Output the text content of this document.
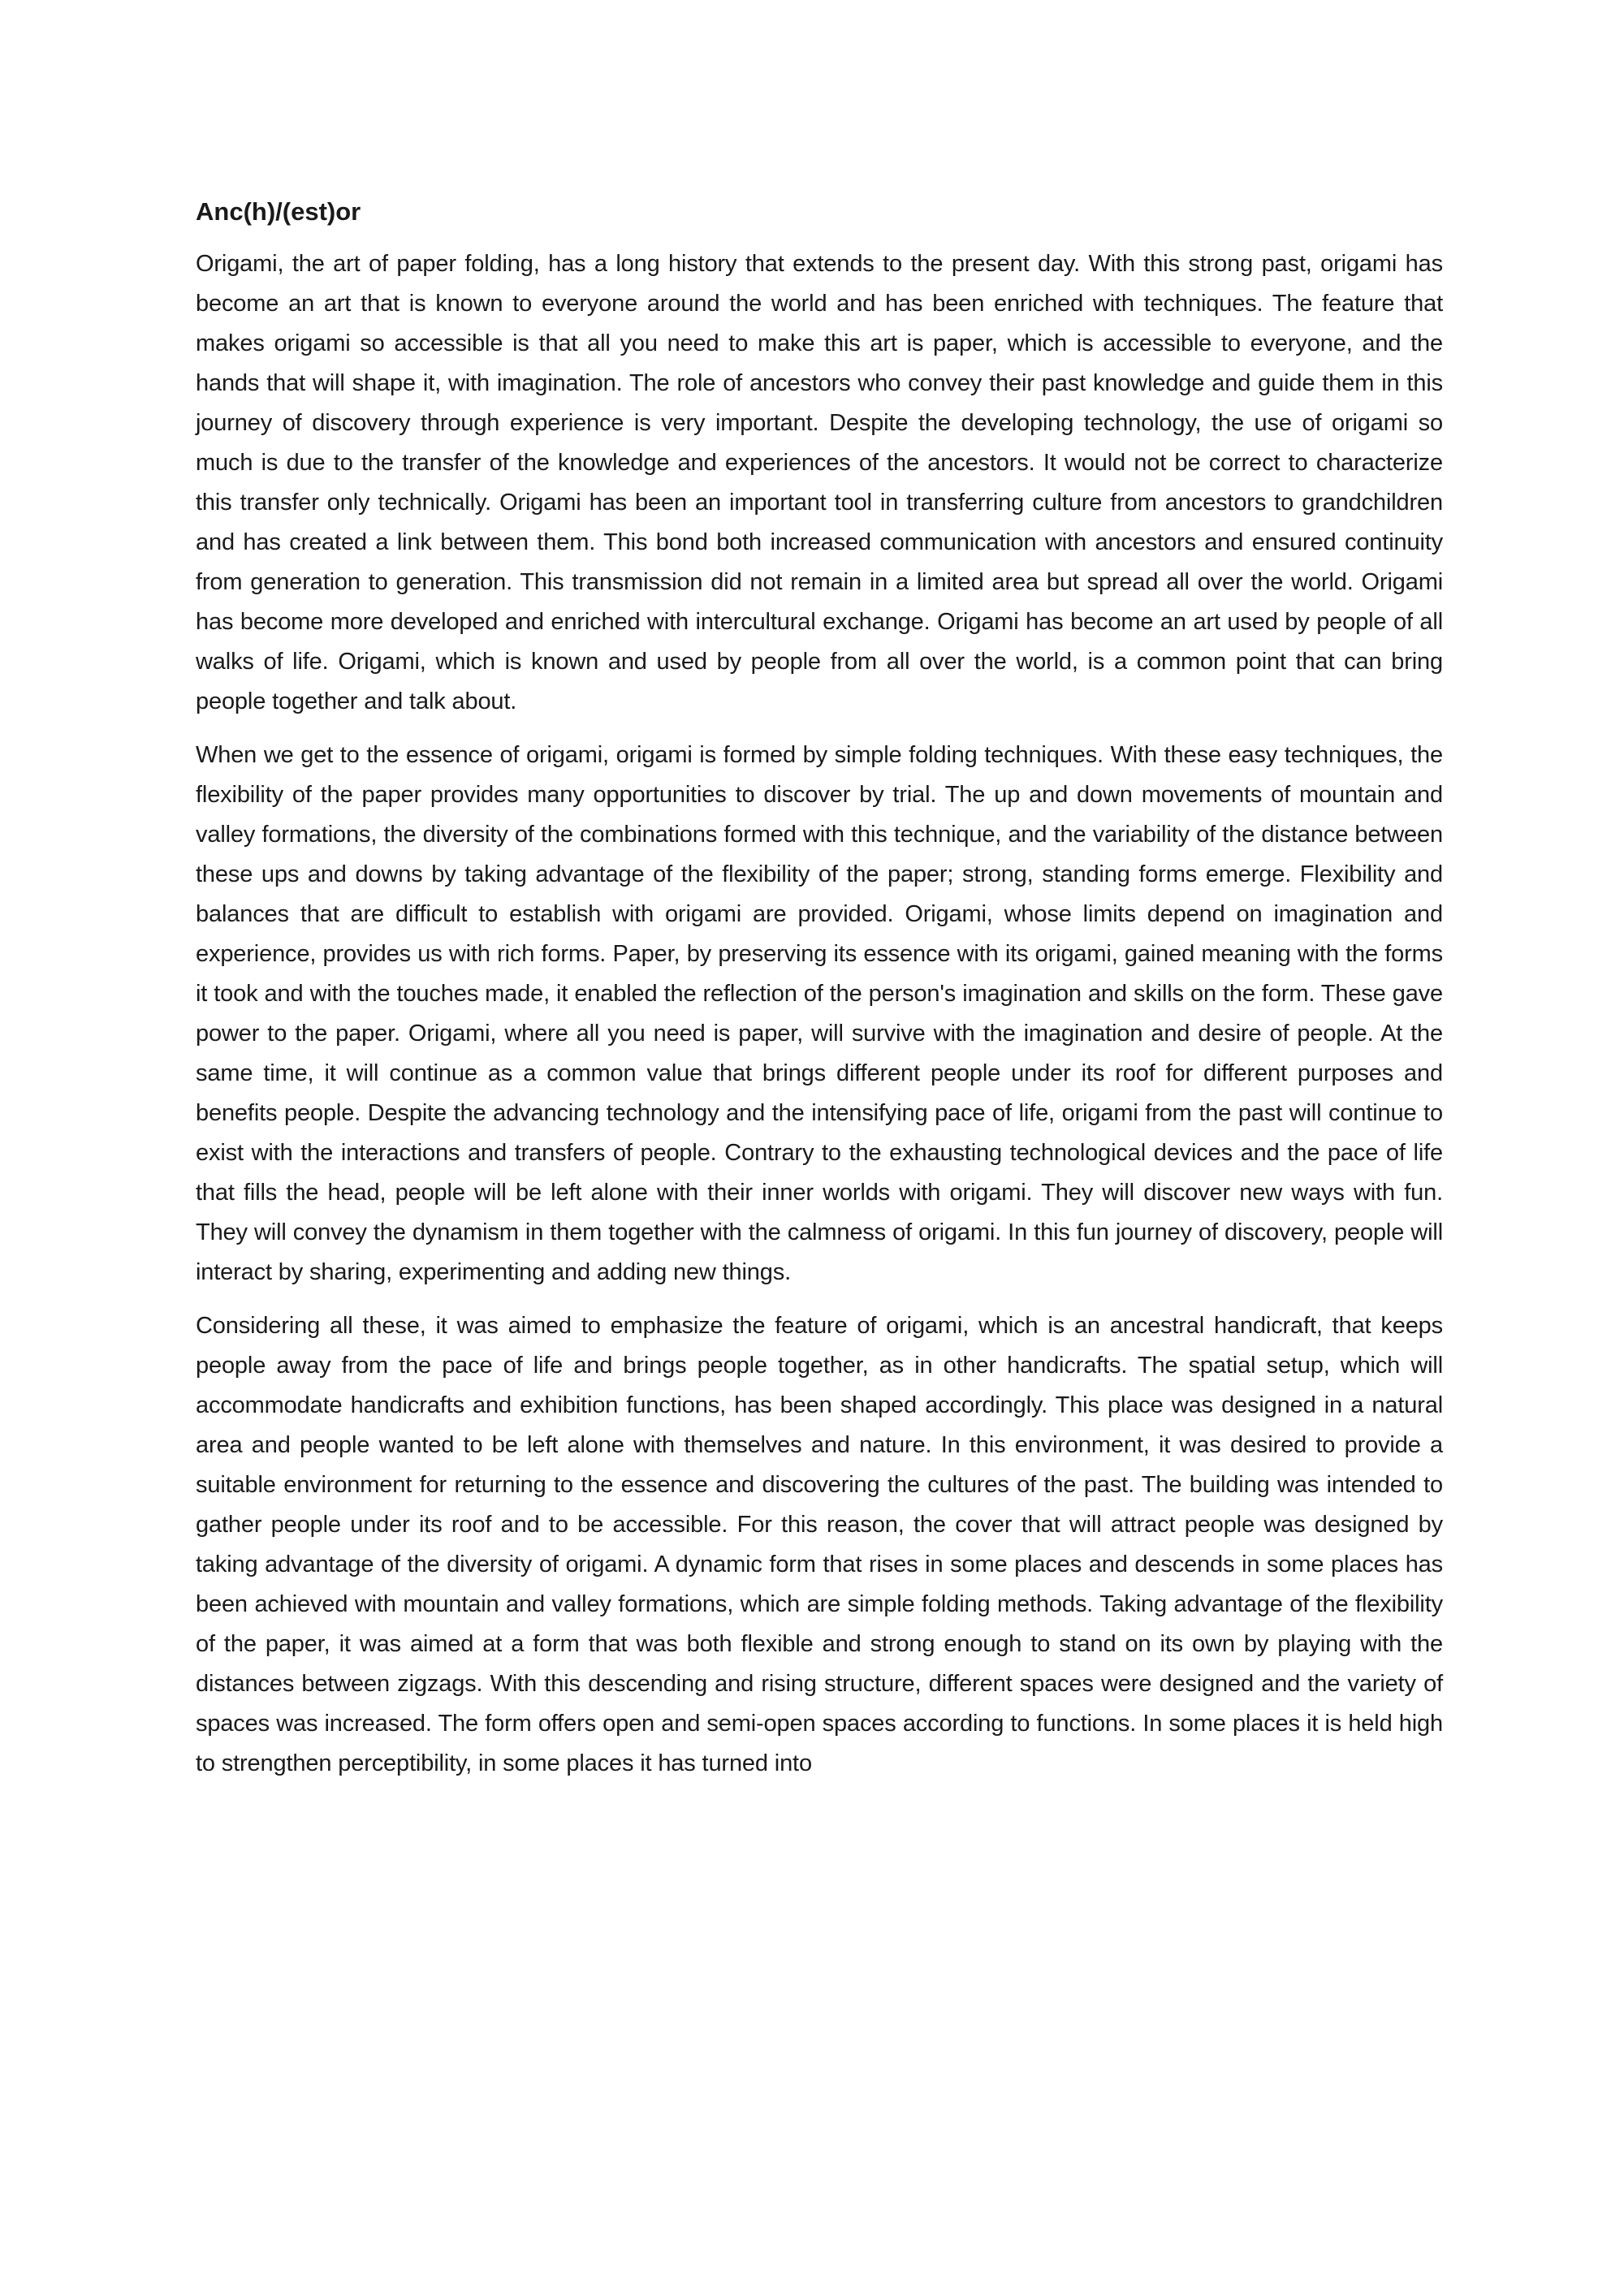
Anc(h)/(est)or

Origami, the art of paper folding, has a long history that extends to the present day. With this strong past, origami has become an art that is known to everyone around the world and has been enriched with techniques. The feature that makes origami so accessible is that all you need to make this art is paper, which is accessible to everyone, and the hands that will shape it, with imagination. The role of ancestors who convey their past knowledge and guide them in this journey of discovery through experience is very important. Despite the developing technology, the use of origami so much is due to the transfer of the knowledge and experiences of the ancestors. It would not be correct to characterize this transfer only technically. Origami has been an important tool in transferring culture from ancestors to grandchildren and has created a link between them. This bond both increased communication with ancestors and ensured continuity from generation to generation. This transmission did not remain in a limited area but spread all over the world. Origami has become more developed and enriched with intercultural exchange. Origami has become an art used by people of all walks of life. Origami, which is known and used by people from all over the world, is a common point that can bring people together and talk about.

When we get to the essence of origami, origami is formed by simple folding techniques. With these easy techniques, the flexibility of the paper provides many opportunities to discover by trial. The up and down movements of mountain and valley formations, the diversity of the combinations formed with this technique, and the variability of the distance between these ups and downs by taking advantage of the flexibility of the paper; strong, standing forms emerge. Flexibility and balances that are difficult to establish with origami are provided. Origami, whose limits depend on imagination and experience, provides us with rich forms. Paper, by preserving its essence with its origami, gained meaning with the forms it took and with the touches made, it enabled the reflection of the person's imagination and skills on the form. These gave power to the paper. Origami, where all you need is paper, will survive with the imagination and desire of people. At the same time, it will continue as a common value that brings different people under its roof for different purposes and benefits people. Despite the advancing technology and the intensifying pace of life, origami from the past will continue to exist with the interactions and transfers of people. Contrary to the exhausting technological devices and the pace of life that fills the head, people will be left alone with their inner worlds with origami. They will discover new ways with fun. They will convey the dynamism in them together with the calmness of origami. In this fun journey of discovery, people will interact by sharing, experimenting and adding new things.

Considering all these, it was aimed to emphasize the feature of origami, which is an ancestral handicraft, that keeps people away from the pace of life and brings people together, as in other handicrafts. The spatial setup, which will accommodate handicrafts and exhibition functions, has been shaped accordingly. This place was designed in a natural area and people wanted to be left alone with themselves and nature. In this environment, it was desired to provide a suitable environment for returning to the essence and discovering the cultures of the past. The building was intended to gather people under its roof and to be accessible. For this reason, the cover that will attract people was designed by taking advantage of the diversity of origami. A dynamic form that rises in some places and descends in some places has been achieved with mountain and valley formations, which are simple folding methods. Taking advantage of the flexibility of the paper, it was aimed at a form that was both flexible and strong enough to stand on its own by playing with the distances between zigzags. With this descending and rising structure, different spaces were designed and the variety of spaces was increased. The form offers open and semi-open spaces according to functions. In some places it is held high to strengthen perceptibility, in some places it has turned into
